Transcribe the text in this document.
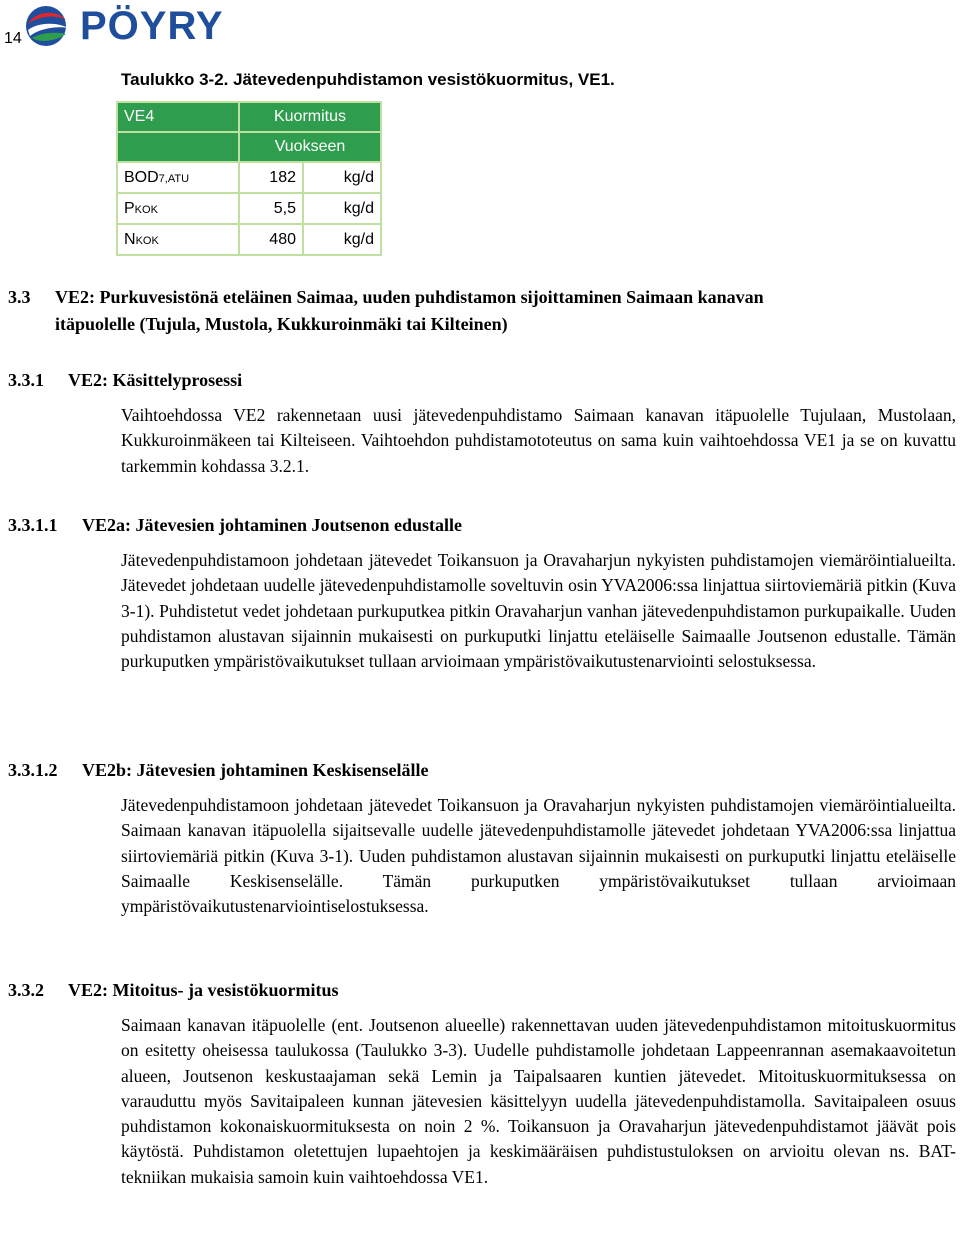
14 PÖYRY
Taulukko 3-2. Jätevedenpuhdistamon vesistökuormitus, VE1.
VE4	Kuormitus	
	Vuokseen	
BOD7,ATU	182	kg/d
PKOK	5,5	kg/d
NKOK	480	kg/d
3.3 VE2: Purkuvesistönä eteläinen Saimaa, uuden puhdistamon sijoittaminen Saimaan kanavan
itäpuolelle (Tujula, Mustola, Kukkuroinmäki tai Kilteinen)
3.3.1 VE2: Käsittelyprosessi

Vaihtoehdossa VE2 rakennetaan uusi jätevedenpuhdistamo Saimaan kanavan itäpuolelle Tujulaan, Mustolaan, Kukkuroinmäkeen tai Kilteiseen. Vaihtoehdon puhdistamototeutus on sama kuin vaihtoehdossa VE1 ja se on kuvattu tarkemmin kohdassa 3.2.1.

3.3.1.1 VE2a: Jätevesien johtaminen Joutsenon edustalle

Jätevedenpuhdistamoon johdetaan jätevedet Toikansuon ja Oravaharjun nykyisten puhdistamojen viemäröintialueilta. Jätevedet johdetaan uudelle jätevedenpuhdistamolle soveltuvin osin YVA2006:ssa linjattua siirtoviemäriä pitkin (Kuva 3-1). Puhdistetut vedet johdetaan purkuputkea pitkin Oravaharjun vanhan jätevedenpuhdistamon purkupaikalle. Uuden puhdistamon alustavan sijainnin mukaisesti on purkuputki linjattu eteläiselle Saimaalle Joutsenon edustalle. Tämän purkuputken ympäristövaikutukset tullaan arvioimaan ympäristövaikutustenarviointi selostuksessa.

3.3.1.2 VE2b: Jätevesien johtaminen Keskisenselälle

Jätevedenpuhdistamoon johdetaan jätevedet Toikansuon ja Oravaharjun nykyisten puhdistamojen viemäröintialueilta. Saimaan kanavan itäpuolella sijaitsevalle uudelle jätevedenpuhdistamolle jätevedet johdetaan YVA2006:ssa linjattua siirtoviemäriä pitkin (Kuva 3-1). Uuden puhdistamon alustavan sijainnin mukaisesti on purkuputki linjattu eteläiselle Saimaalle Keskisenselälle. Tämän purkuputken ympäristövaikutukset tullaan arvioimaan ympäristövaikutustenarviointiselostuksessa.

3.3.2 VE2: Mitoitus- ja vesistökuormitus

Saimaan kanavan itäpuolelle (ent. Joutsenon alueelle) rakennettavan uuden jätevedenpuhdistamon mitoituskuormitus on esitetty oheisessa taulukossa (Taulukko 3-3). Uudelle puhdistamolle johdetaan Lappeenrannan asemakaavoitetun alueen, Joutsenon keskustaajaman sekä Lemin ja Taipalsaaren kuntien jätevedet. Mitoituskuormituksessa on varauduttu myös Savitaipaleen kunnan jätevesien käsittelyyn uudella jätevedenpuhdistamolla. Savitaipaleen osuus puhdistamon kokonaiskuormituksesta on noin 2 %. Toikansuon ja Oravaharjun jätevedenpuhdistamot jäävät pois käytöstä. Puhdistamon oletettujen lupaehtojen ja keskimääräisen puhdistustuloksen on arvioitu olevan ns. BAT-tekniikan mukaisia samoin kuin vaihtoehdossa VE1.
